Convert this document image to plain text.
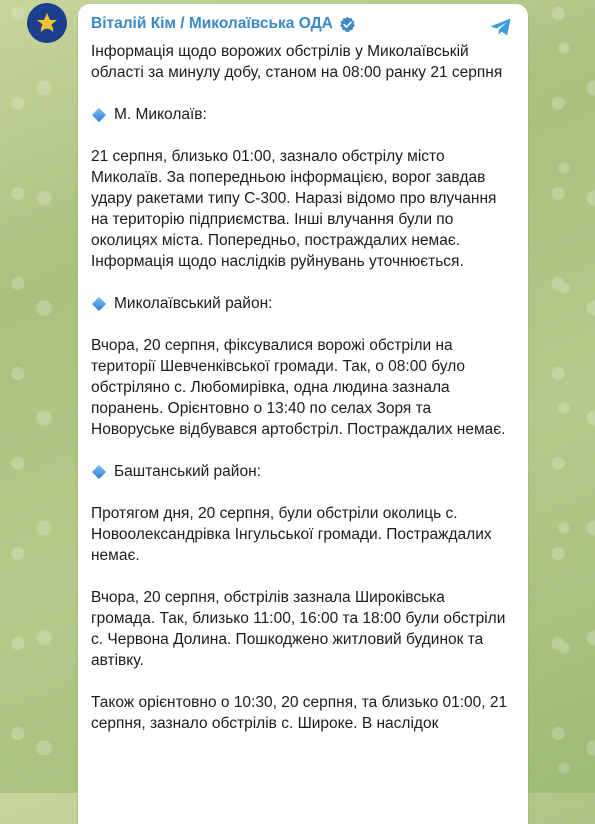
Віталій Кім / Миколаївська ОДА

Інформація щодо ворожих обстрілів у Миколаївській області за минулу добу, станом на 08:00 ранку 21 серпня

М. Миколаїв:

21 серпня, близько 01:00, зазнало обстрілу місто Миколаїв. За попередньою інформацією, ворог завдав удару ракетами типу С-300. Наразі відомо про влучання на територію підприємства. Інші влучання були по околицях міста. Попередньо, постраждалих немає. Інформація щодо наслідків руйнувань уточнюється.

Миколаївський район:

Вчора, 20 серпня, фіксувалися ворожі обстріли на території Шевченківської громади. Так, о 08:00 було обстріляно с. Любомирівка, одна людина зазнала поранень. Орієнтовно о 13:40 по селах Зоря та Новоруське відбувався артобстріл. Постраждалих немає.

Баштанський район:

Протягом дня, 20 серпня, були обстріли околиць с. Новоолександрівка Інгульської громади. Постраждалих немає.

Вчора, 20 серпня, обстрілів зазнала Широківська громада. Так, близько 11:00, 16:00 та 18:00 були обстріли с. Червона Долина. Пошкоджено житловий будинок та автівку.

Також орієнтовно о 10:30, 20 серпня, та близько 01:00, 21 серпня, зазнало обстрілів с. Широке. В наслідок
